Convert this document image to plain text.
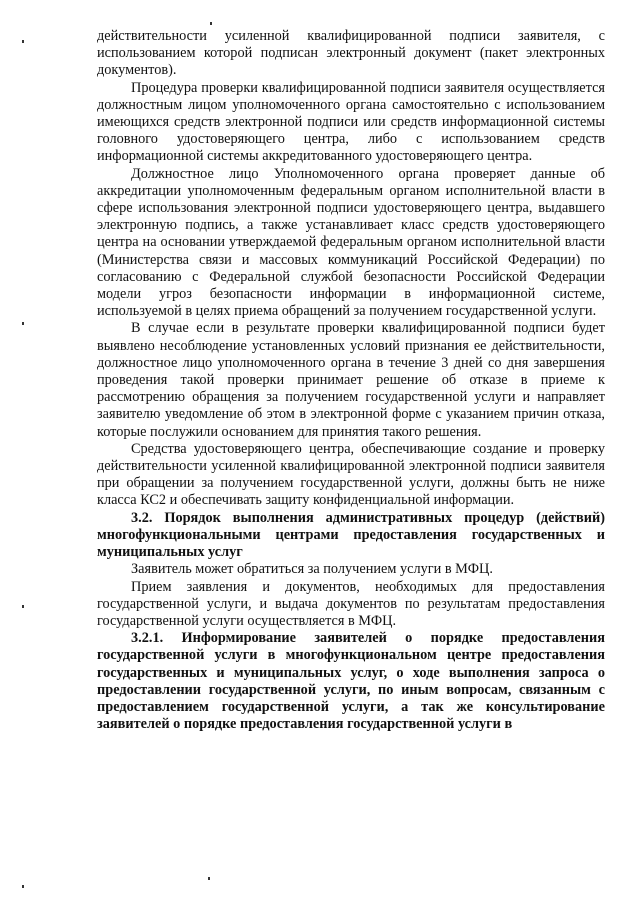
действительности усиленной квалифицированной подписи заявителя, с использованием которой подписан электронный документ (пакет электронных документов).

Процедура проверки квалифицированной подписи заявителя осуществляется должностным лицом уполномоченного органа самостоятельно с использованием имеющихся средств электронной подписи или средств информационной системы головного удостоверяющего центра, либо с использованием средств информационной системы аккредитованного удостоверяющего центра.

Должностное лицо Уполномоченного органа проверяет данные об аккредитации уполномоченным федеральным органом исполнительной власти в сфере использования электронной подписи удостоверяющего центра, выдавшего электронную подпись, а также устанавливает класс средств удостоверяющего центра на основании утверждаемой федеральным органом исполнительной власти (Министерства связи и массовых коммуникаций Российской Федерации) по согласованию с Федеральной службой безопасности Российской Федерации модели угроз безопасности информации в информационной системе, используемой в целях приема обращений за получением государственной услуги.

В случае если в результате проверки квалифицированной подписи будет выявлено несоблюдение установленных условий признания ее действительности, должностное лицо уполномоченного органа в течение 3 дней со дня завершения проведения такой проверки принимает решение об отказе в приеме к рассмотрению обращения за получением государственной услуги и направляет заявителю уведомление об этом в электронной форме с указанием причин отказа, которые послужили основанием для принятия такого решения.

Средства удостоверяющего центра, обеспечивающие создание и проверку действительности усиленной квалифицированной электронной подписи заявителя при обращении за получением государственной услуги, должны быть не ниже класса КС2 и обеспечивать защиту конфиденциальной информации.

3.2. Порядок выполнения административных процедур (действий) многофункциональными центрами предоставления государственных и муниципальных услуг

Заявитель может обратиться за получением услуги в МФЦ.

Прием заявления и документов, необходимых для предоставления государственной услуги, и выдача документов по результатам предоставления государственной услуги осуществляется в МФЦ.

3.2.1. Информирование заявителей о порядке предоставления государственной услуги в многофункциональном центре предоставления государственных и муниципальных услуг, о ходе выполнения запроса о предоставлении государственной услуги, по иным вопросам, связанным с предоставлением государственной услуги, а так же консультирование заявителей о порядке предоставления государственной услуги в
